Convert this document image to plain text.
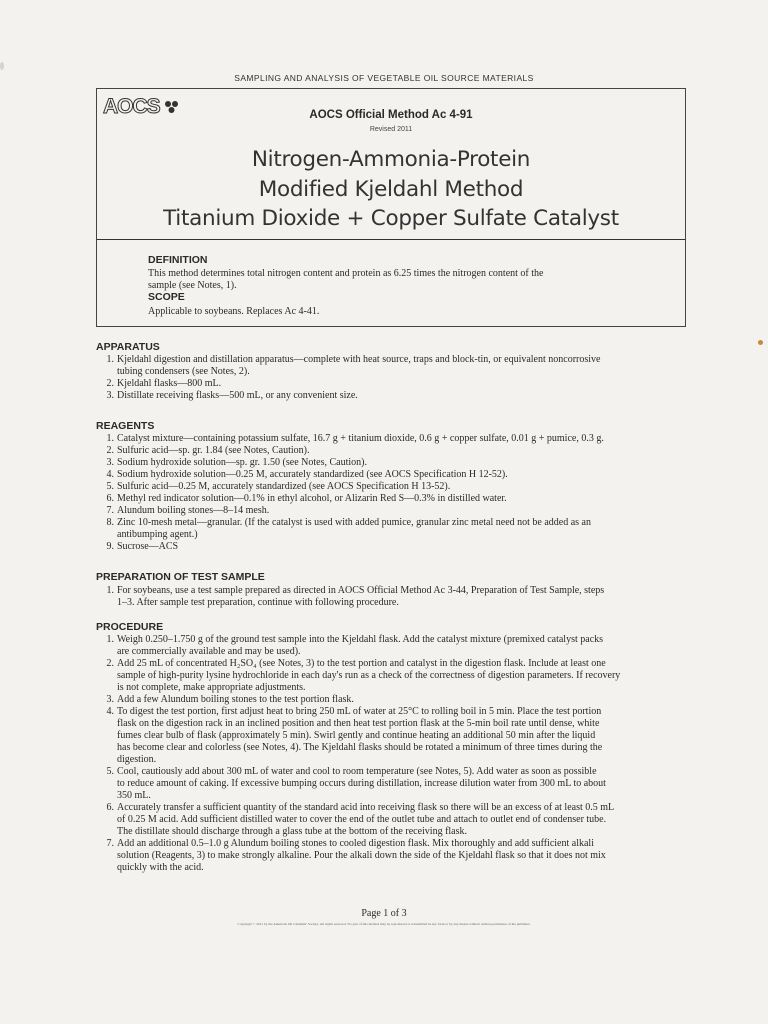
SAMPLING AND ANALYSIS OF VEGETABLE OIL SOURCE MATERIALS
AOCS	AOCS Official Method Ac 4-91
Revised 2011
Nitrogen-Ammonia-Protein
Modified Kjeldahl Method
Titanium Dioxide + Copper Sulfate Catalyst
DEFINITION
This method determines total nitrogen content and protein as 6.25 times the nitrogen content of the
sample (see Notes, 1).
SCOPE
Applicable to soybeans. Replaces Ac 4-41.
APPARATUS
1. Kjeldahl digestion and distillation apparatus—complete with heat source, traps and block-tin, or equivalent noncorrosive
tubing condensers (see Notes, 2).
2. Kjeldahl flasks—800 mL.
3. Distillate receiving flasks—500 mL, or any convenient size.
REAGENTS
1. Catalyst mixture—containing potassium sulfate, 16.7 g + titanium dioxide, 0.6 g + copper sulfate, 0.01 g + pumice, 0.3 g.
2. Sulfuric acid—sp. gr. 1.84 (see Notes, Caution).
3. Sodium hydroxide solution—sp. gr. 1.50 (see Notes, Caution).
4. Sodium hydroxide solution—0.25 M, accurately standardized (see AOCS Specification H 12-52).
5. Sulfuric acid—0.25 M, accurately standardized (see AOCS Specification H 13-52).
6. Methyl red indicator solution—0.1% in ethyl alcohol, or Alizarin Red S—0.3% in distilled water.
7. Alundum boiling stones—8–14 mesh.
8. Zinc 10-mesh metal—granular. (If the catalyst is used with added pumice, granular zinc metal need not be added as an
antibumping agent.)
9. Sucrose—ACS
PREPARATION OF TEST SAMPLE
1. For soybeans, use a test sample prepared as directed in AOCS Official Method Ac 3-44, Preparation of Test Sample, steps
1–3. After sample test preparation, continue with following procedure.
PROCEDURE
1. Weigh 0.250–1.750 g of the ground test sample into the Kjeldahl flask. Add the catalyst mixture (premixed catalyst packs
are commercially available and may be used).
2. Add 25 mL of concentrated H₂SO₄ (see Notes, 3) to the test portion and catalyst in the digestion flask. Include at least one
sample of high-purity lysine hydrochloride in each day's run as a check of the correctness of digestion parameters. If recovery
is not complete, make appropriate adjustments.
3. Add a few Alundum boiling stones to the test portion flask.
4. To digest the test portion, first adjust heat to bring 250 mL of water at 25°C to rolling boil in 5 min. Place the test portion
flask on the digestion rack in an inclined position and then heat test portion flask at the 5-min boil rate until dense, white
fumes clear bulb of flask (approximately 5 min). Swirl gently and continue heating an additional 50 min after the liquid
has become clear and colorless (see Notes, 4). The Kjeldahl flasks should be rotated a minimum of three times during the
digestion.
5. Cool, cautiously add about 300 mL of water and cool to room temperature (see Notes, 5). Add water as soon as possible
to reduce amount of caking. If excessive bumping occurs during distillation, increase dilution water from 300 mL to about
350 mL.
6. Accurately transfer a sufficient quantity of the standard acid into receiving flask so there will be an excess of at least 0.5 mL
of 0.25 M acid. Add sufficient distilled water to cover the end of the outlet tube and attach to outlet end of condenser tube.
The distillate should discharge through a glass tube at the bottom of the receiving flask.
7. Add an additional 0.5–1.0 g Alundum boiling stones to cooled digestion flask. Mix thoroughly and add sufficient alkali
solution (Reagents, 3) to make strongly alkaline. Pour the alkali down the side of the Kjeldahl flask so that it does not mix
quickly with the acid.
Page 1 of 3
Copyright © 2011 by the American Oil Chemists' Society. All rights reserved. No part of this method may be reproduced or transmitted in any form or by any means without written permission of the publisher.
